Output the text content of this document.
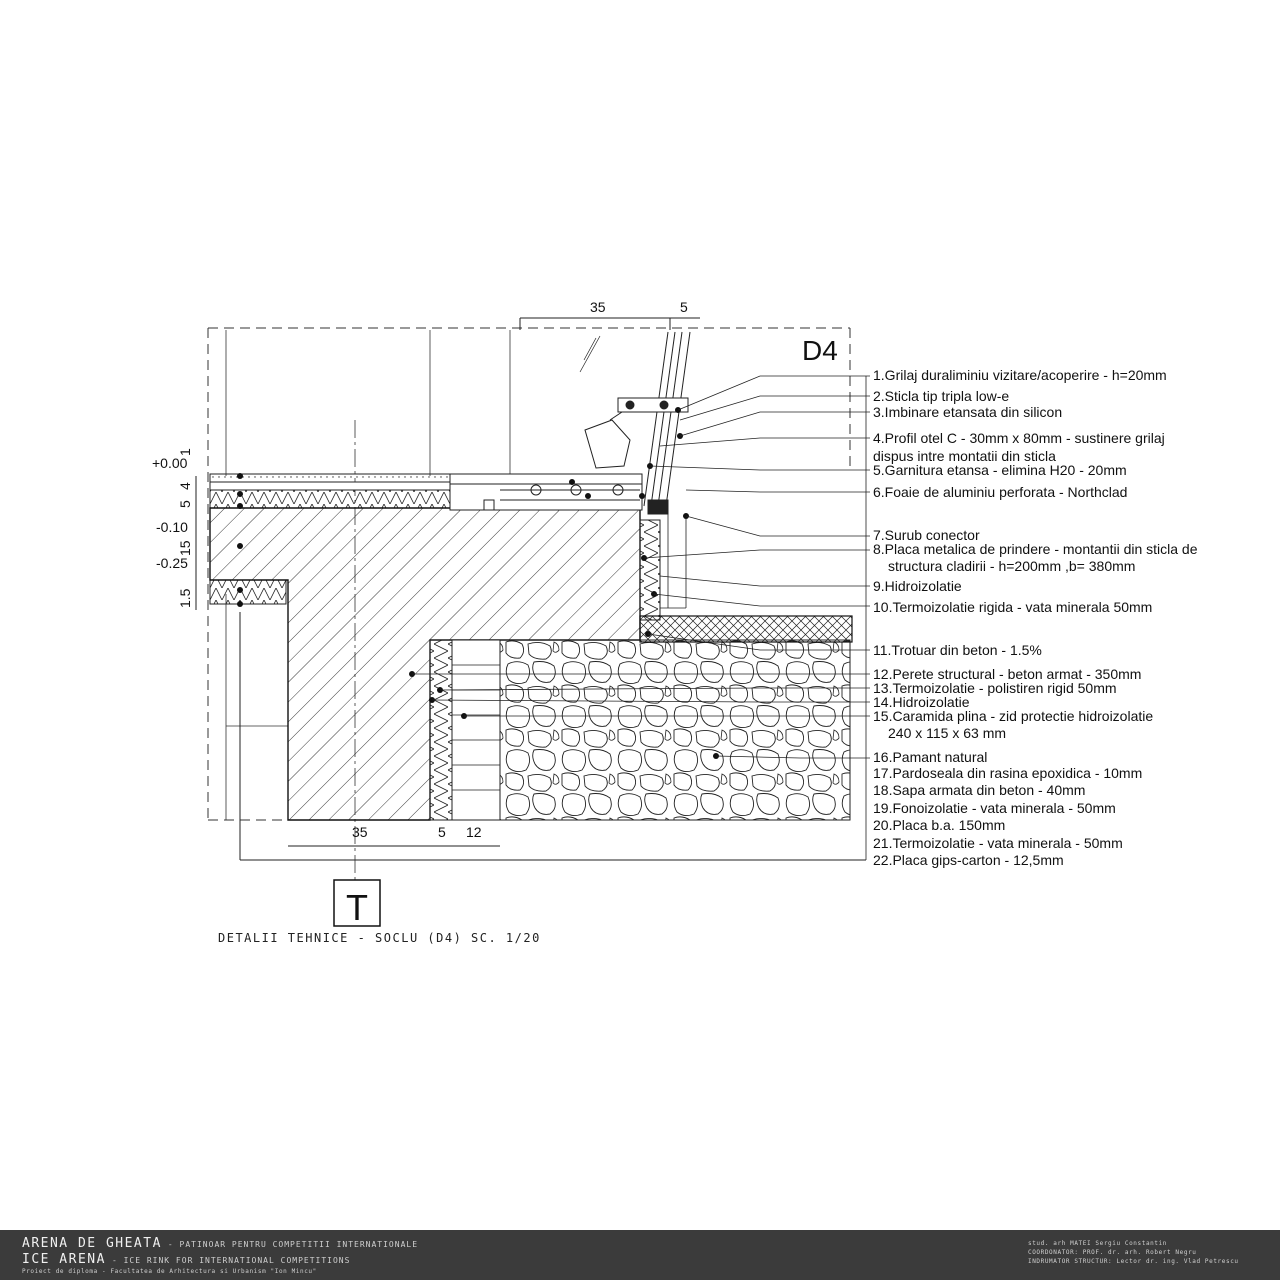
35	5
35	5 12
+0.00
-0.10
-0.25
1
4
5
15
1.5
D4
T
DETALII TEHNICE - SOCLU (D4) SC. 1/20
1.Grilaj duraliminiu vizitare/acoperire - h=20mm
2.Sticla tip tripla low-e
3.Imbinare etansata din silicon
4.Profil otel C - 30mm x 80mm - sustinere grilaj
dispus intre montatii din sticla
5.Garnitura etansa - elimina H20 - 20mm
6.Foaie de aluminiu perforata - Northclad
7.Surub conector
8.Placa metalica de prindere - montantii din sticla de
structura cladirii - h=200mm ,b= 380mm
9.Hidroizolatie
10.Termoizolatie rigida - vata minerala 50mm
11.Trotuar din beton - 1.5%
12.Perete structural - beton armat - 350mm
13.Termoizolatie - polistiren rigid 50mm
14.Hidroizolatie
15.Caramida plina - zid protectie hidroizolatie
240 x 115 x 63 mm
16.Pamant natural
17.Pardoseala din rasina epoxidica - 10mm
18.Sapa armata din beton - 40mm
19.Fonoizolatie - vata minerala - 50mm
20.Placa b.a. 150mm
21.Termoizolatie - vata minerala - 50mm
22.Placa gips-carton - 12,5mm
ARENA DE GHEATA - PATINOAR PENTRU COMPETITII INTERNATIONALE
ICE ARENA - ICE RINK FOR INTERNATIONAL COMPETITIONS
Proiect de diploma - Facultatea de Arhitectura si Urbanism "Ion Mincu"
stud. arh MATEI Sergiu Constantin
COORDONATOR: PROF. dr. arh. Robert Negru
INDRUMATOR STRUCTUR: Lector dr. ing. Vlad Petrescu
